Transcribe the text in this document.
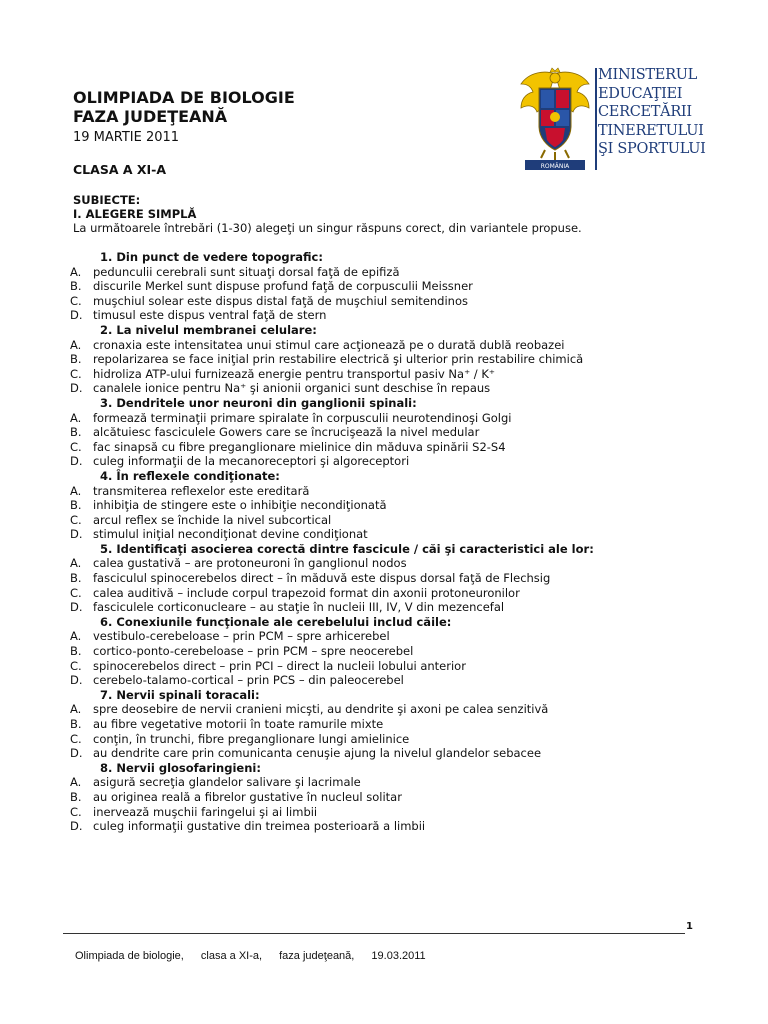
OLIMPIADA DE BIOLOGIE
FAZA JUDEŢEANĂ
19 MARTIE 2011
CLASA A XI-A	ROMÂNIA
MINISTERUL
EDUCAŢIEI
CERCETĂRII
TINERETULUI
ŞI SPORTULUI
SUBIECTE:
I. ALEGERE SIMPLĂ
La următoarele întrebări (1-30) alegeţi un singur răspuns corect, din variantele propuse.
1. Din punct de vedere topografic:
A. pedunculii cerebrali sunt situaţi dorsal faţă de epifiză
B. discurile Merkel sunt dispuse profund faţă de corpusculii Meissner
C. muşchiul solear este dispus distal faţă de muşchiul semitendinos
D. timusul este dispus ventral faţă de stern
2. La nivelul membranei celulare:
A. cronaxia este intensitatea unui stimul care acţionează pe o durată dublă reobazei
B. repolarizarea se face iniţial prin restabilire electrică şi ulterior prin restabilire chimică
C. hidroliza ATP-ului furnizează energie pentru transportul pasiv Na⁺ / K⁺
D. canalele ionice pentru Na⁺ şi anionii organici sunt deschise în repaus
3. Dendritele unor neuroni din ganglionii spinali:
A. formează terminaţii primare spiralate în corpusculii neurotendinoşi Golgi
B. alcătuiesc fasciculele Gowers care se încrucişează la nivel medular
C. fac sinapsă cu fibre preganglionare mielinice din măduva spinării S2-S4
D. culeg informaţii de la mecanoreceptori şi algoreceptori
4. În reflexele condiţionate:
A. transmiterea reflexelor este ereditară
B. inhibiţia de stingere este o inhibiţie necondiţionată
C. arcul reflex se închide la nivel subcortical
D. stimulul iniţial necondiţionat devine condiţionat
5. Identificaţi asocierea corectă dintre fascicule / căi şi caracteristici ale lor:
A. calea gustativă – are protoneuroni în ganglionul nodos
B. fasciculul spinocerebelos direct – în măduvă este dispus dorsal faţă de Flechsig
C. calea auditivă – include corpul trapezoid format din axonii protoneuronilor
D. fasciculele corticonucleare – au staţie în nucleii III, IV, V din mezencefal
6. Conexiunile funcţionale ale cerebelului includ căile:
A. vestibulo-cerebeloase – prin PCM – spre arhicerebel
B. cortico-ponto-cerebeloase – prin PCM – spre neocerebel
C. spinocerebelos direct – prin PCI – direct la nucleii lobului anterior
D. cerebelo-talamo-cortical – prin PCS – din paleocerebel
7. Nervii spinali toracali:
A. spre deosebire de nervii cranieni micşti, au dendrite şi axoni pe calea senzitivă
B. au fibre vegetative motorii în toate ramurile mixte
C. conţin, în trunchi, fibre preganglionare lungi amielinice
D. au dendrite care prin comunicanta cenuşie ajung la nivelul glandelor sebacee
8. Nervii glosofaringieni:
A. asigură secreţia glandelor salivare şi lacrimale
B. au originea reală a fibrelor gustative în nucleul solitar
C. inervează muşchii faringelui şi ai limbii
D. culeg informaţii gustative din treimea posterioară a limbii
1
Olimpiada de biologie, clasa a XI-a, faza judeţeană, 19.03.2011
